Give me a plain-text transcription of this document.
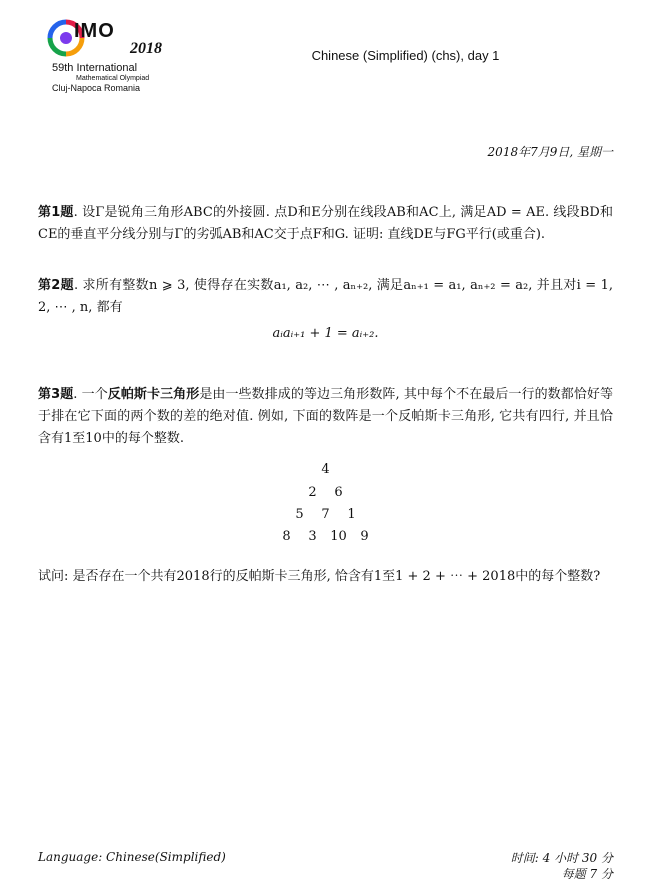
IMO
2018
59th International
Mathematical Olympiad
Cluj-Napoca Romania
Chinese (Simplified) (chs), day 1
2018年7月9日, 星期一
第1题. 设Γ是锐角三角形ABC的外接圆. 点D和E分别在线段AB和AC上, 满足AD = AE. 线段BD和CE的垂直平分线分别与Γ的劣弧AB和AC交于点F和G. 证明: 直线DE与FG平行(或重合).
第2题. 求所有整数n ⩾ 3, 使得存在实数a₁, a₂, ⋯ , aₙ₊₂, 满足aₙ₊₁ = a₁, aₙ₊₂ = a₂, 并且对i = 1, 2, ⋯ , n, 都有
aᵢaᵢ₊₁ + 1 = aᵢ₊₂.
第3题. 一个反帕斯卡三角形是由一些数排成的等边三角形数阵, 其中每个不在最后一行的数都恰好等于排在它下面的两个数的差的绝对值. 例如, 下面的数阵是一个反帕斯卡三角形, 它共有四行, 并且恰含有1至10中的每个整数.
4
2 6
5 7 1
8 3 10 9
试问: 是否存在一个共有2018行的反帕斯卡三角形, 恰含有1至1 + 2 + ⋯ + 2018中的每个整数?
Language: Chinese(Simplified)	时间: 4 小时 30 分
每题 7 分
